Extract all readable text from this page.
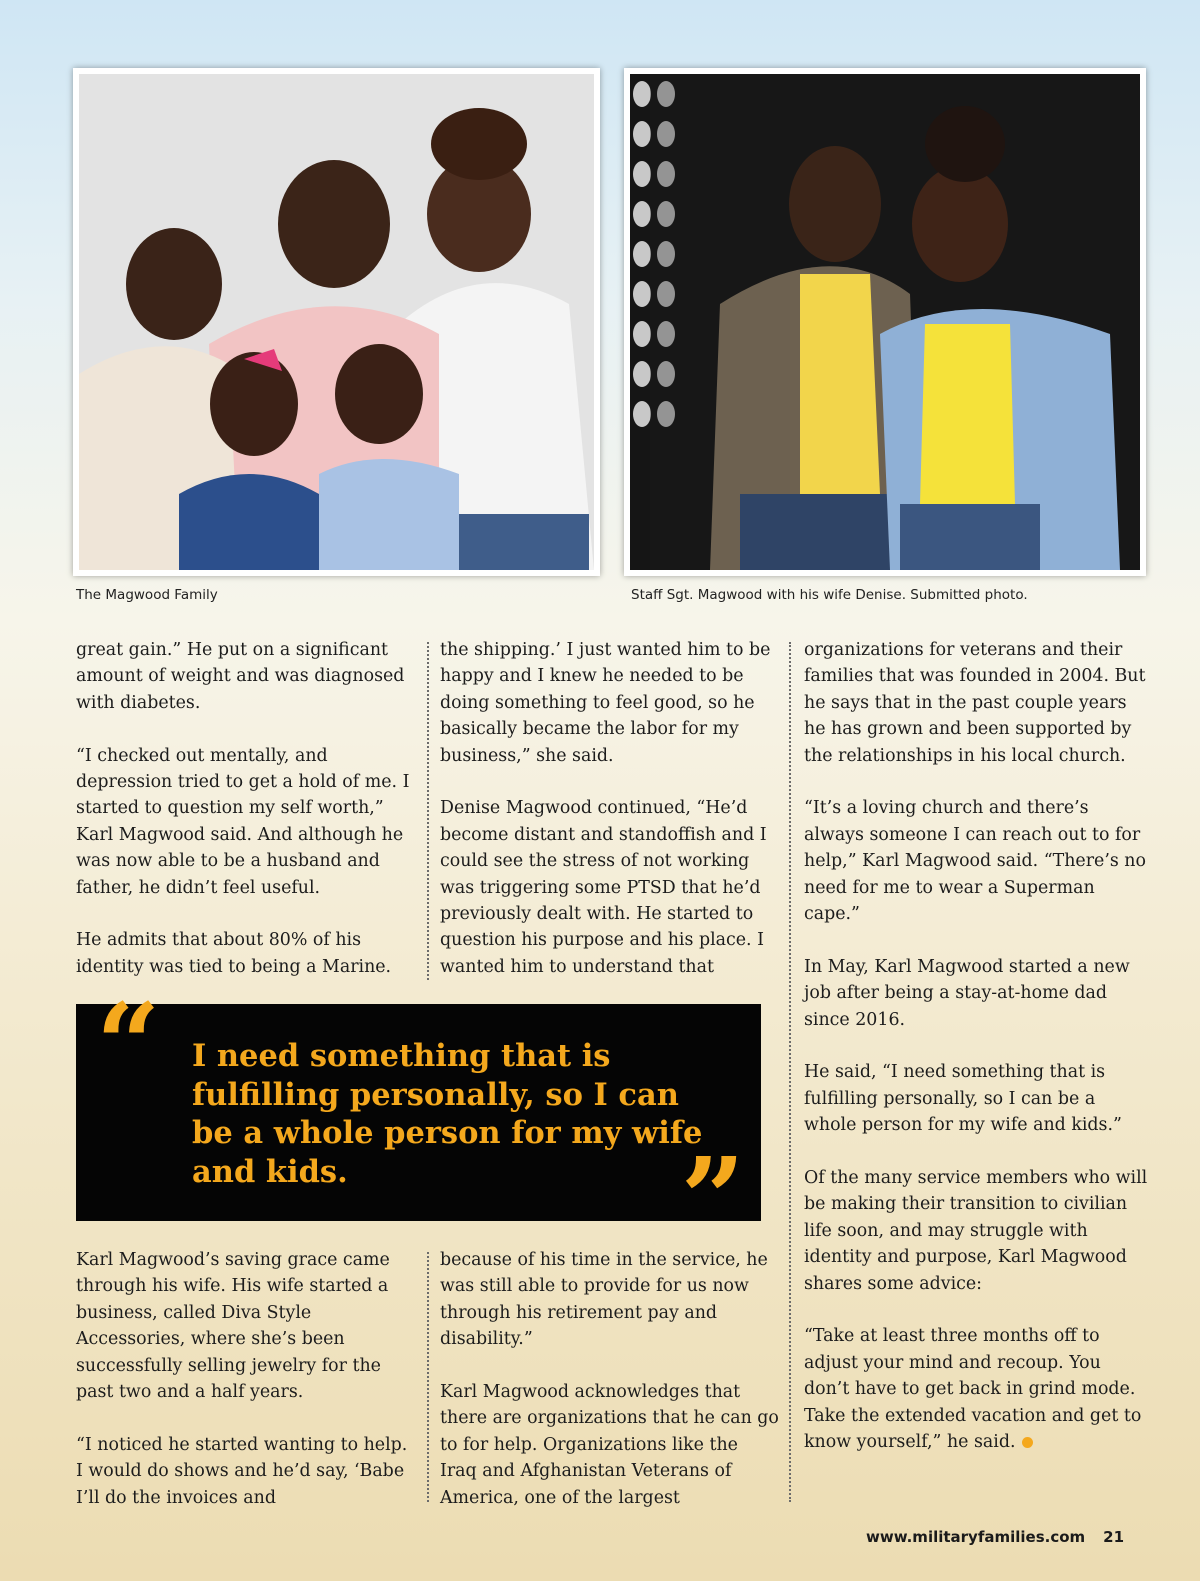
The Magwood Family	Staff Sgt. Magwood with his wife Denise. Submitted photo.

great gain.” He put on a significant amount of weight and was diagnosed with diabetes.

“I checked out mentally, and depression tried to get a hold of me. I started to question my self worth,” Karl Magwood said. And although he was now able to be a husband and father, he didn’t feel useful.

He admits that about 80% of his identity was tied to being a Marine.

the shipping.’ I just wanted him to be happy and I knew he needed to be doing something to feel good, so he basically became the labor for my business,” she said.

Denise Magwood continued, “He’d become distant and standoffish and I could see the stress of not working was triggering some PTSD that he’d previously dealt with. He started to question his purpose and his place. I wanted him to understand that

organizations for veterans and their families that was founded in 2004. But he says that in the past couple years he has grown and been supported by the relationships in his local church.

“It’s a loving church and there’s always someone I can reach out to for help,” Karl Magwood said. “There’s no need for me to wear a Superman cape.”

In May, Karl Magwood started a new job after being a stay-at-home dad since 2016.

He said, “I need something that is fulfilling personally, so I can be a whole person for my wife and kids.”

Of the many service members who will be making their transition to civilian life soon, and may struggle with identity and purpose, Karl Magwood shares some advice:

“Take at least three months off to adjust your mind and recoup. You don’t have to get back in grind mode. Take the extended vacation and get to know yourself,” he said.

“ I need something that is fulfilling personally, so I can be a whole person for my wife and kids.	”

Karl Magwood’s saving grace came through his wife. His wife started a business, called Diva Style Accessories, where she’s been successfully selling jewelry for the past two and a half years.

“I noticed he started wanting to help. I would do shows and he’d say, ‘Babe I’ll do the invoices and

because of his time in the service, he was still able to provide for us now through his retirement pay and disability.”

Karl Magwood acknowledges that there are organizations that he can go to for help. Organizations like the Iraq and Afghanistan Veterans of America, one of the largest

www.militaryfamilies.com 21
